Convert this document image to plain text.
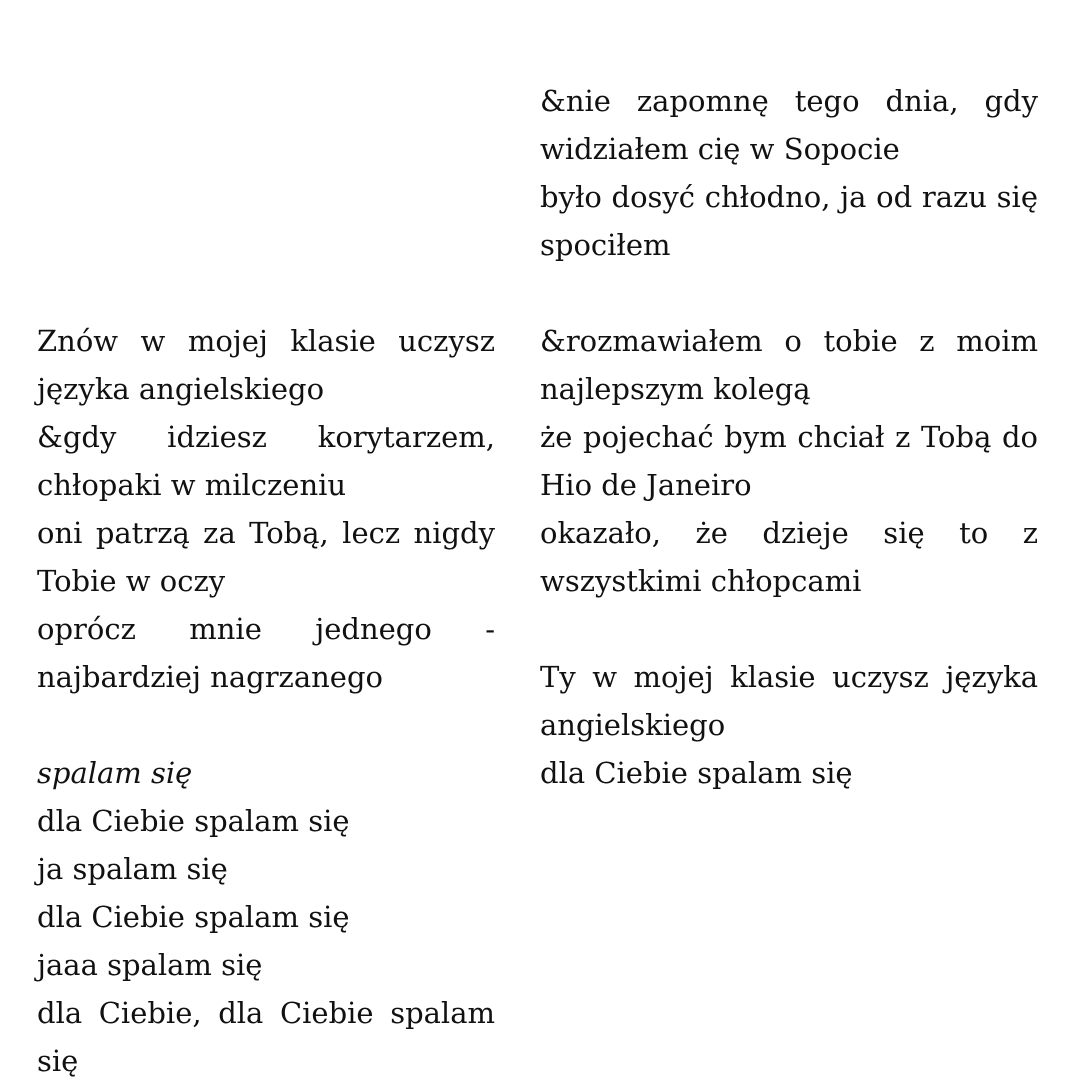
Znów w mojej klasie uczysz języka angielskiego
&gdy idziesz korytarzem, chłopaki w milczeniu
oni patrzą za Tobą, lecz nigdy Tobie w oczy
oprócz mnie jednego - najbardziej nagrzanego
spalam się
dla Ciebie spalam się
ja spalam się
dla Ciebie spalam się
jaaa spalam się
dla Ciebie, dla Ciebie spalam się
&nie zapomnę tego dnia, gdy widziałem cię w Sopocie
było dosyć chłodno, ja od razu się spociłem
&rozmawiałem o tobie z moim najlepszym kolegą
że pojechać bym chciał z Tobą do Hio de Janeiro
okazało, że dzieje się to z wszystkimi chłopcami
Ty w mojej klasie uczysz języka angielskiego
dla Ciebie spalam się
